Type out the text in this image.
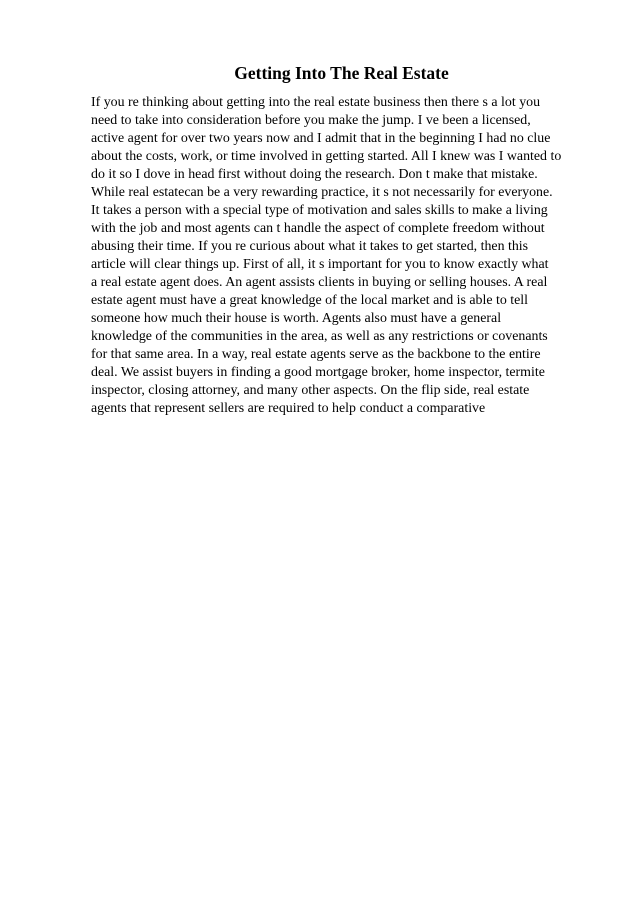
Getting Into The Real Estate
If you re thinking about getting into the real estate business then there s a lot you
need to take into consideration before you make the jump. I ve been a licensed,
active agent for over two years now and I admit that in the beginning I had no clue
about the costs, work, or time involved in getting started. All I knew was I wanted to
do it so I dove in head first without doing the research. Don t make that mistake.
While real estatecan be a very rewarding practice, it s not necessarily for everyone.
It takes a person with a special type of motivation and sales skills to make a living
with the job and most agents can t handle the aspect of complete freedom without
abusing their time. If you re curious about what it takes to get started, then this
article will clear things up. First of all, it s important for you to know exactly what
a real estate agent does. An agent assists clients in buying or selling houses. A real
estate agent must have a great knowledge of the local market and is able to tell
someone how much their house is worth. Agents also must have a general
knowledge of the communities in the area, as well as any restrictions or covenants
for that same area. In a way, real estate agents serve as the backbone to the entire
deal. We assist buyers in finding a good mortgage broker, home inspector, termite
inspector, closing attorney, and many other aspects. On the flip side, real estate
agents that represent sellers are required to help conduct a comparative
